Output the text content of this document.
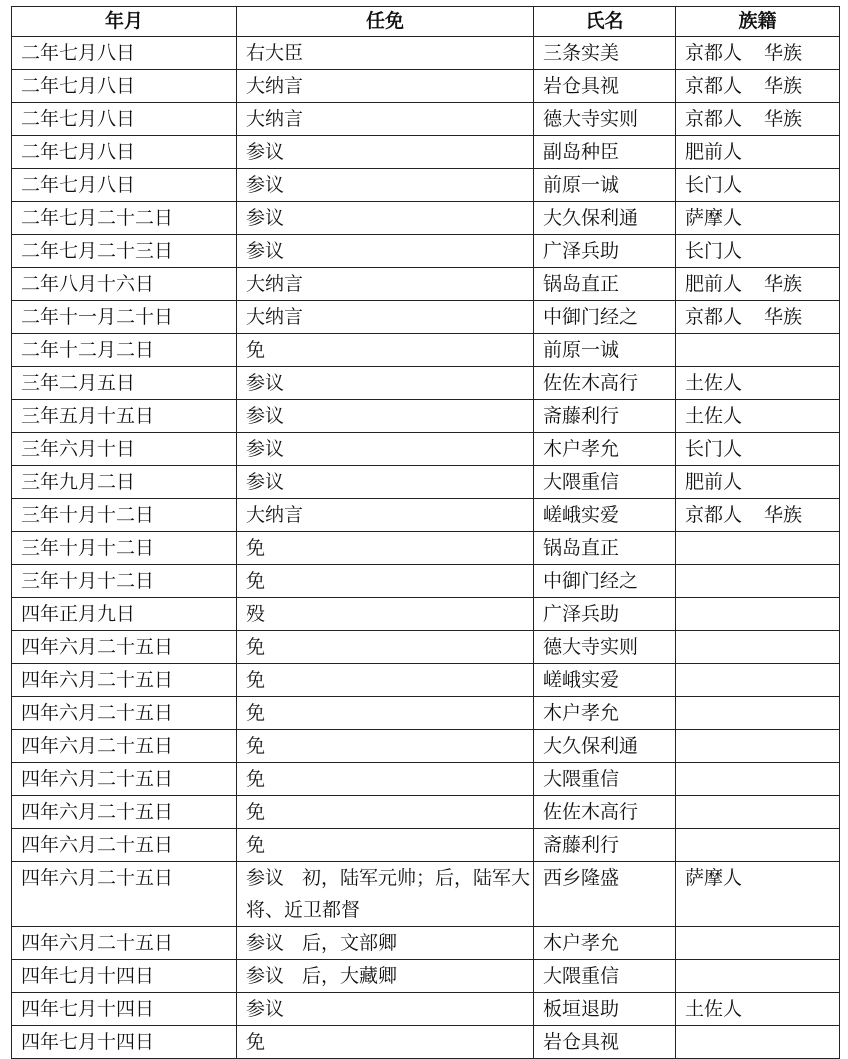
年月	任免	氏名	族籍
二年七月八日	右大臣	三条实美	京都人 华族
二年七月八日	大纳言	岩仓具视	京都人 华族
二年七月八日	大纳言	德大寺实则	京都人 华族
二年七月八日	参议	副岛种臣	肥前人
二年七月八日	参议	前原一诚	长门人
二年七月二十二日	参议	大久保利通	萨摩人
二年七月二十三日	参议	广泽兵助	长门人
二年八月十六日	大纳言	锅岛直正	肥前人 华族
二年十一月二十日	大纳言	中御门经之	京都人 华族
二年十二月二日	免	前原一诚	
三年二月五日	参议	佐佐木高行	土佐人
三年五月十五日	参议	斋藤利行	土佐人
三年六月十日	参议	木户孝允	长门人
三年九月二日	参议	大隈重信	肥前人
三年十月十二日	大纳言	嵯峨实爱	京都人 华族
三年十月十二日	免	锅岛直正	
三年十月十二日	免	中御门经之	
四年正月九日	殁	广泽兵助	
四年六月二十五日	免	德大寺实则	
四年六月二十五日	免	嵯峨实爱	
四年六月二十五日	免	木户孝允	
四年六月二十五日	免	大久保利通	
四年六月二十五日	免	大隈重信	
四年六月二十五日	免	佐佐木高行	
四年六月二十五日	免	斋藤利行	
四年六月二十五日	参议 初，陆军元帅；后，陆军大将、近卫都督	西乡隆盛	萨摩人
四年六月二十五日	参议 后，文部卿	木户孝允	
四年七月十四日	参议 后，大藏卿	大隈重信	
四年七月十四日	参议	板垣退助	土佐人
四年七月十四日	免	岩仓具视	
